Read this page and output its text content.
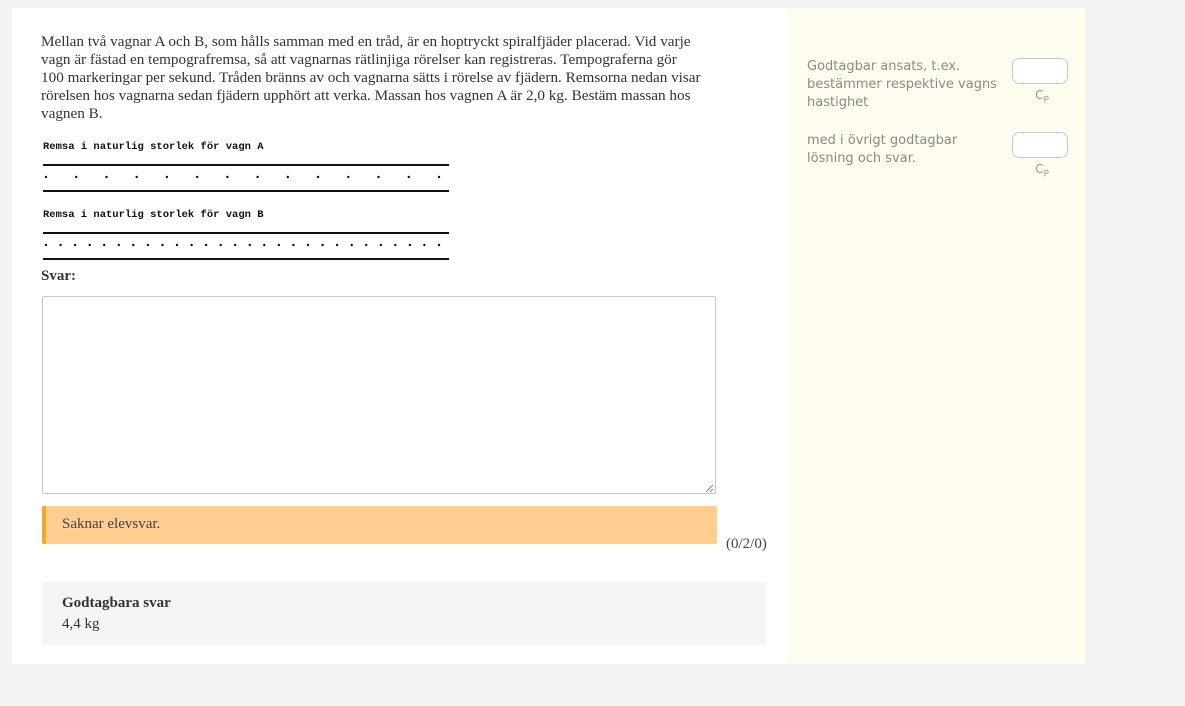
Mellan två vagnar A och B, som hålls samman med en tråd, är en hoptryckt spiralfjäder placerad. Vid varje vagn är fästad en tempografremsa, så att vagnarnas rätlinjiga rörelser kan registreras. Tempograferna gör 100 markeringar per sekund. Tråden bränns av och vagnarna sätts i rörelse av fjädern. Remsorna nedan visar rörelsen hos vagnarna sedan fjädern upphört att verka. Massan hos vagnen A är 2,0 kg. Bestäm massan hos vagnen B.

Remsa i naturlig storlek för vagn A
Remsa i naturlig storlek för vagn B
Svar:
Saknar elevsvar.
(0/2/0)
Godtagbara svar
4,4 kg
Godtagbar ansats, t.ex. bestämmer respektive vagns hastighet	$C_P$
med i övrigt godtagbar lösning och svar.
$C_P$
